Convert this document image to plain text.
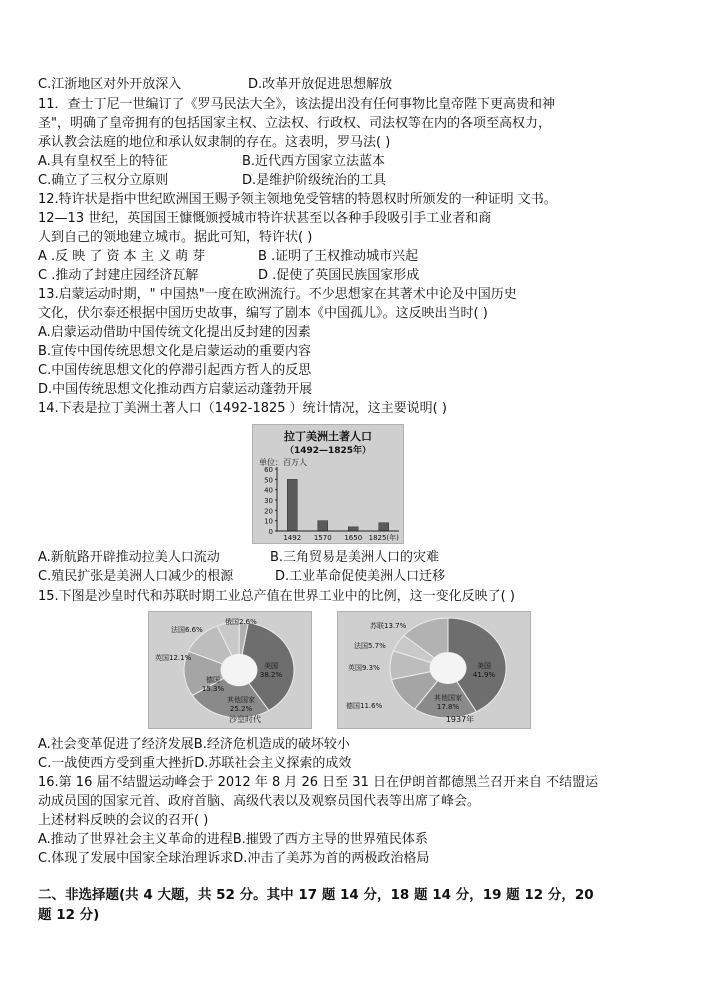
C.江浙地区对外开放深入	D.改革开放促进思想解放
11．查士丁尼一世编订了《罗马民法大全》，该法提出没有任何事物比皇帝陛下更高贵和神
圣"，明确了皇帝拥有的包括国家主权、立法权、行政权、司法权等在内的各项至高权力，
承认教会法庭的地位和承认奴隶制的存在。这表明，罗马法( )
A.具有皇权至上的特征	B.近代西方国家立法蓝本
C.确立了三权分立原则	D.是维护阶级统治的工具
12.特许状是指中世纪欧洲国王赐予领主领地免受管辖的特恩权时所颁发的一种证明 文书。
12—13 世纪，英国国王慷慨颁授城市特许状甚至以各种手段吸引手工业者和商
人到自己的领地建立城市。据此可知，特许状( )
A .反 映 了 资 本 主 义 萌 芽	B .证明了王权推动城市兴起
C .推动了封建庄园经济瓦解	D .促使了英国民族国家形成
13.启蒙运动时期，" 中国热"一度在欧洲流行。不少思想家在其著术中论及中国历史
文化，伏尔泰还根据中国历史故事，编写了剧本《中国孤儿》。这反映出当时( )
A.启蒙运动借助中国传统文化提出反封建的因素
B.宣传中国传统思想文化是启蒙运动的重要内容
C.中国传统思想文化的停滞引起西方哲人的反思
D.中国传统思想文化推动西方启蒙运动蓬勃开展
14.下表是拉丁美洲土著人口（1492-1825 ）统计情况，这主要说明( )
拉丁美洲土著人口
（1492—1825年）
单位：百万人
60
50
40
30
20
10
0
1492 1570 1650 1825(年)
A.新航路开辟推动拉美人口流动	B.三角贸易是美洲人口的灾难
C.殖民扩张是美洲人口减少的根源	D.工业革命促使美洲人口迁移
15.下图是沙皇时代和苏联时期工业总产值在世界工业中的比例，这一变化反映了( )
美国
38.2%
其他国家
25.2%
德国
15.3%
英国12.1%
法国6.6%
俄国2.6%
沙皇时代
美国
41.9%
其他国家
17.8%
德国11.6%
英国9.3%
法国5.7%
苏联13.7%
1937年
A.社会变革促进了经济发展B.经济危机造成的破坏较小
C.一战使西方受到重大挫折D.苏联社会主义探索的成效
16.第 16 届不结盟运动峰会于 2012 年 8 月 26 日至 31 日在伊朗首都德黑兰召开来自 不结盟运
动成员国的国家元首、政府首脑、高级代表以及观察员国代表等出席了峰会。
上述材料反映的会议的召开( )
A.推动了世界社会主义革命的进程B.摧毁了西方主导的世界殖民体系
C.体现了发展中国家全球治理诉求D.冲击了美苏为首的两极政治格局
二、非选择题(共 4 大题，共 52 分。其中 17 题 14 分，18 题 14 分，19 题 12 分，20
题 12 分)
